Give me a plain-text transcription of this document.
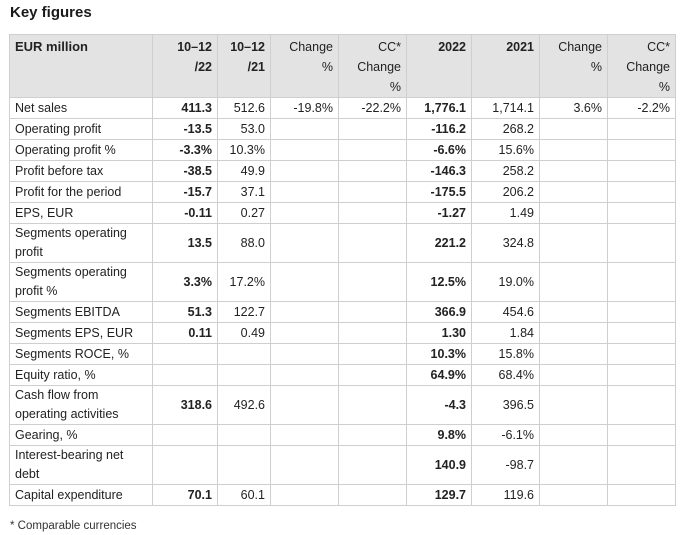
Key figures
EUR million	10–12 /22	10–12 /21	Change %	CC* Change %	2022	2021	Change %	CC* Change %
Net sales	411.3	512.6	-19.8%	-22.2%	1,776.1	1,714.1	3.6%	-2.2%
Operating profit	-13.5	53.0			-116.2	268.2		
Operating profit %	-3.3%	10.3%			-6.6%	15.6%		
Profit before tax	-38.5	49.9			-146.3	258.2		
Profit for the period	-15.7	37.1			-175.5	206.2		
EPS, EUR	-0.11	0.27			-1.27	1.49		
Segments operating profit	13.5	88.0			221.2	324.8		
Segments operating profit %	3.3%	17.2%			12.5%	19.0%		
Segments EBITDA	51.3	122.7			366.9	454.6		
Segments EPS, EUR	0.11	0.49			1.30	1.84		
Segments ROCE, %					10.3%	15.8%		
Equity ratio, %					64.9%	68.4%		
Cash flow from operating activities	318.6	492.6			-4.3	396.5		
Gearing, %					9.8%	-6.1%		
Interest-bearing net debt					140.9	-98.7		
Capital expenditure	70.1	60.1			129.7	119.6		
* Comparable currencies
